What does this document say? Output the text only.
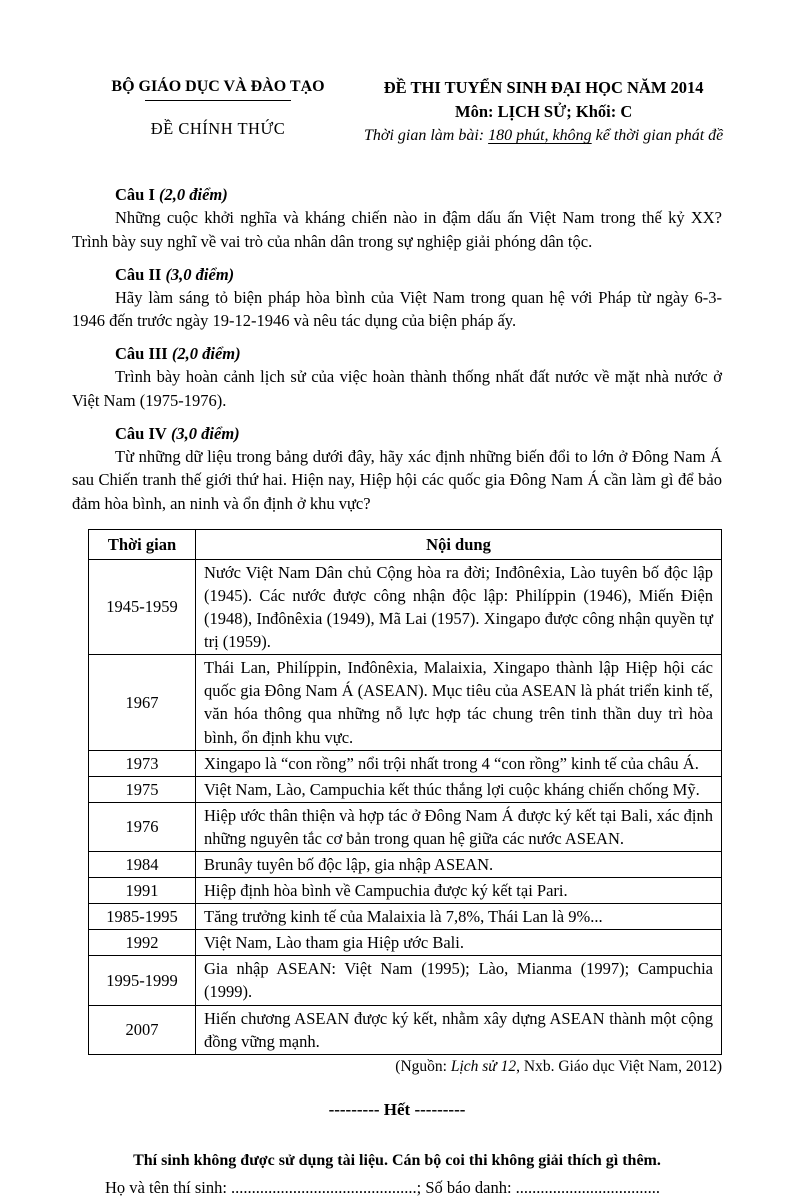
BỘ GIÁO DỤC VÀ ĐÀO TẠO
ĐỀ CHÍNH THỨC
ĐỀ THI TUYỂN SINH ĐẠI HỌC NĂM 2014
Môn: LỊCH SỬ; Khối: C
Thời gian làm bài: 180 phút, không kể thời gian phát đề

Câu I (2,0 điểm)

Những cuộc khởi nghĩa và kháng chiến nào in đậm dấu ấn Việt Nam trong thế kỷ XX? Trình bày suy nghĩ về vai trò của nhân dân trong sự nghiệp giải phóng dân tộc.

Câu II (3,0 điểm)

Hãy làm sáng tỏ biện pháp hòa bình của Việt Nam trong quan hệ với Pháp từ ngày 6-3-1946 đến trước ngày 19-12-1946 và nêu tác dụng của biện pháp ấy.

Câu III (2,0 điểm)

Trình bày hoàn cảnh lịch sử của việc hoàn thành thống nhất đất nước về mặt nhà nước ở Việt Nam (1975-1976).

Câu IV (3,0 điểm)

Từ những dữ liệu trong bảng dưới đây, hãy xác định những biến đổi to lớn ở Đông Nam Á sau Chiến tranh thế giới thứ hai. Hiện nay, Hiệp hội các quốc gia Đông Nam Á cần làm gì để bảo đảm hòa bình, an ninh và ổn định ở khu vực?

Thời gian	Nội dung
1945-1959	Nước Việt Nam Dân chủ Cộng hòa ra đời; Inđônêxia, Lào tuyên bố độc lập (1945). Các nước được công nhận độc lập: Philíppin (1946), Miến Điện (1948), Inđônêxia (1949), Mã Lai (1957). Xingapo được công nhận quyền tự trị (1959).
1967	Thái Lan, Philíppin, Inđônêxia, Malaixia, Xingapo thành lập Hiệp hội các quốc gia Đông Nam Á (ASEAN). Mục tiêu của ASEAN là phát triển kinh tế, văn hóa thông qua những nỗ lực hợp tác chung trên tinh thần duy trì hòa bình, ổn định khu vực.
1973	Xingapo là “con rồng” nổi trội nhất trong 4 “con rồng” kinh tế của châu Á.
1975	Việt Nam, Lào, Campuchia kết thúc thắng lợi cuộc kháng chiến chống Mỹ.
1976	Hiệp ước thân thiện và hợp tác ở Đông Nam Á được ký kết tại Bali, xác định những nguyên tắc cơ bản trong quan hệ giữa các nước ASEAN.
1984	Brunây tuyên bố độc lập, gia nhập ASEAN.
1991	Hiệp định hòa bình về Campuchia được ký kết tại Pari.
1985-1995	Tăng trưởng kinh tế của Malaixia là 7,8%, Thái Lan là 9%...
1992	Việt Nam, Lào tham gia Hiệp ước Bali.
1995-1999	Gia nhập ASEAN: Việt Nam (1995); Lào, Mianma (1997); Campuchia (1999).
2007	Hiến chương ASEAN được ký kết, nhằm xây dựng ASEAN thành một cộng đồng vững mạnh.
(Nguồn: Lịch sử 12, Nxb. Giáo dục Việt Nam, 2012)
--------- Hết ---------
Thí sinh không được sử dụng tài liệu. Cán bộ coi thi không giải thích gì thêm.
Họ và tên thí sinh: .............................................; Số báo danh: ...................................
